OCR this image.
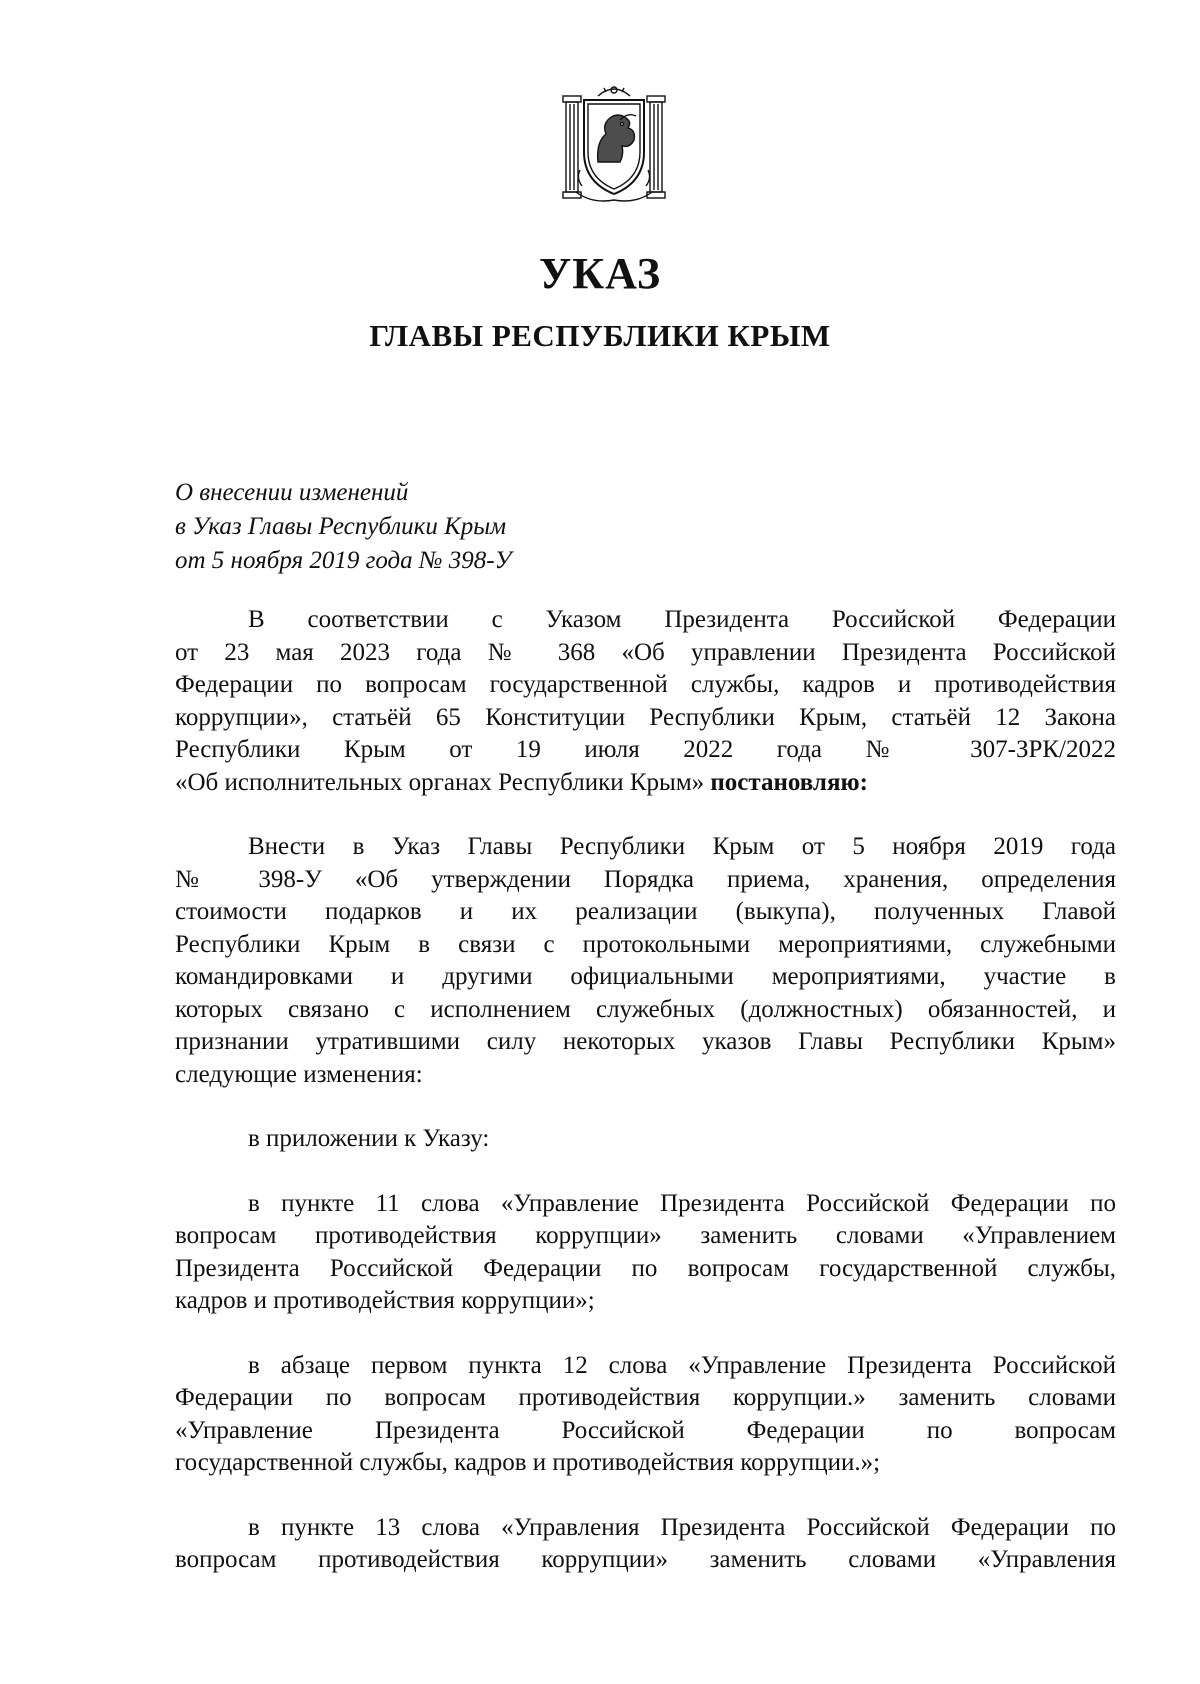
УКАЗ
ГЛАВЫ РЕСПУБЛИКИ КРЫМ
О внесении изменений
в Указ Главы Республики Крым
от 5 ноября 2019 года № 398-У
В соответствии с Указом Президента Российской Федерации
от 23 мая 2023 года № 368 «Об управлении Президента Российской
Федерации по вопросам государственной службы, кадров и противодействия
коррупции», статьёй 65 Конституции Республики Крым, статьёй 12 Закона
Республики Крым от 19 июля 2022 года № 307-ЗРК/2022
«Об исполнительных органах Республики Крым» постановляю:
Внести в Указ Главы Республики Крым от 5 ноября 2019 года
№ 398-У «Об утверждении Порядка приема, хранения, определения
стоимости подарков и их реализации (выкупа), полученных Главой
Республики Крым в связи с протокольными мероприятиями, служебными
командировками и другими официальными мероприятиями, участие в
которых связано с исполнением служебных (должностных) обязанностей, и
признании утратившими силу некоторых указов Главы Республики Крым»
следующие изменения:
в приложении к Указу:
в пункте 11 слова «Управление Президента Российской Федерации по
вопросам противодействия коррупции» заменить словами «Управлением
Президента Российской Федерации по вопросам государственной службы,
кадров и противодействия коррупции»;
в абзаце первом пункта 12 слова «Управление Президента Российской
Федерации по вопросам противодействия коррупции.» заменить словами
«Управление Президента Российской Федерации по вопросам
государственной службы, кадров и противодействия коррупции.»;
в пункте 13 слова «Управления Президента Российской Федерации по
вопросам противодействия коррупции» заменить словами «Управления
